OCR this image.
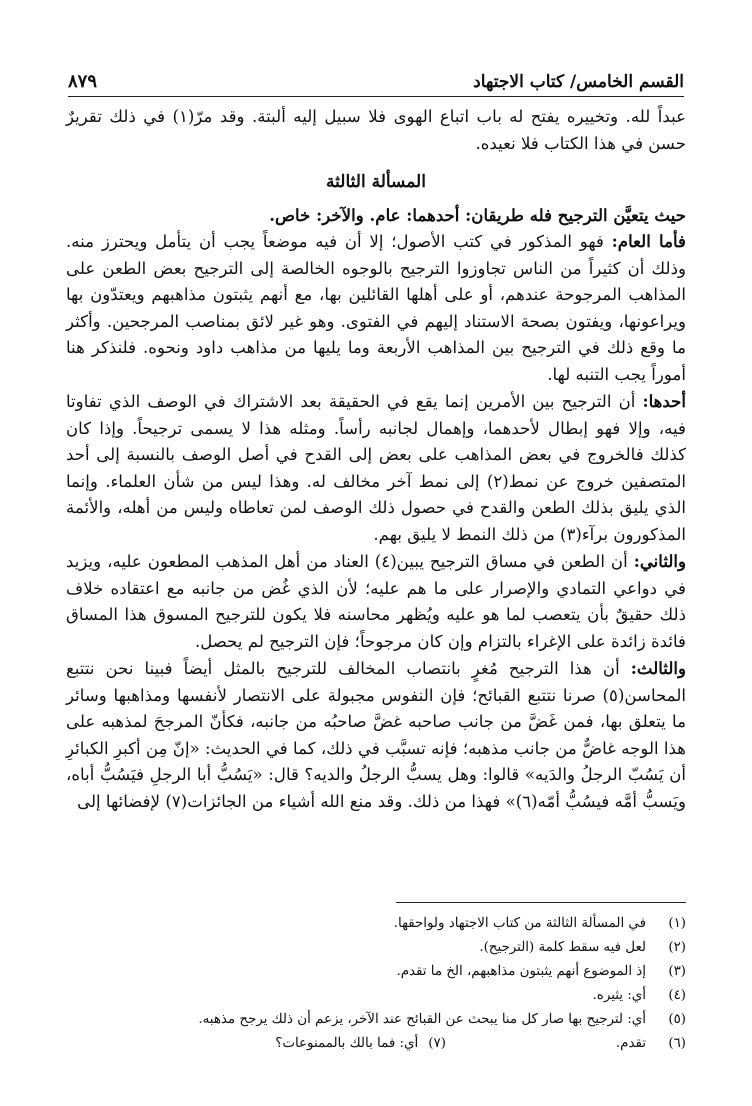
٨٧٩	القسم الخامس/ كتاب الاجتهاد

عبداً لله. وتخييره يفتح له باب اتباع الهوى فلا سبيل إليه ألبتة. وقد مرّ(١) في ذلك تقريرٌ حسن في هذا الكتاب فلا نعيده.

المسألة الثالثة

حيث يتعيَّن الترجيح فله طريقان: أحدهما: عام. والآخر: خاص.

فأما العام: فهو المذكور في كتب الأصول؛ إلا أن فيه موضعاً يجب أن يتأمل ويحترز منه. وذلك أن كثيراً من الناس تجاوزوا الترجيح بالوجوه الخالصة إلى الترجيح بعض الطعن على المذاهب المرجوحة عندهم، أو على أهلها القائلين بها، مع أنهم يثبتون مذاهبهم ويعتدّون بها ويراعونها، ويفتون بصحة الاستناد إليهم في الفتوى. وهو غير لائق بمناصب المرجحين. وأكثر ما وقع ذلك في الترجيح بين المذاهب الأربعة وما يليها من مذاهب داود ونحوه. فلنذكر هنا أموراً يجب التنبه لها.

أحدها: أن الترجيح بين الأمرين إنما يقع في الحقيقة بعد الاشتراك في الوصف الذي تفاوتا فيه، وإلا فهو إبطال لأحدهما، وإهمال لجانبه رأساً. ومثله هذا لا يسمى ترجيحاً. وإذا كان كذلك فالخروج في بعض المذاهب على بعض إلى القدح في أصل الوصف بالنسبة إلى أحد المتصفين خروج عن نمط(٢) إلى نمط آخر مخالف له. وهذا ليس من شأن العلماء. وإنما الذي يليق بذلك الطعن والقدح في حصول ذلك الوصف لمن تعاطاه وليس من أهله، والأئمة المذكورون برآء(٣) من ذلك النمط لا يليق بهم.

والثاني: أن الطعن في مساق الترجيح يبين(٤) العناد من أهل المذهب المطعون عليه، ويزيد في دواعي التمادي والإصرار على ما هم عليه؛ لأن الذي غُض من جانبه مع اعتقاده خلاف ذلك حقيقٌ بأن يتعصب لما هو عليه ويُظهر محاسنه فلا يكون للترجيح المسوق هذا المساق فائدة زائدة على الإغراء بالتزام وإن كان مرجوحاً؛ فإن الترجيح لم يحصل.

والثالث: أن هذا الترجيح مُغرٍ بانتصاب المخالف للترجيح بالمثل أيضاً فبينا نحن نتتبع المحاسن(٥) صرنا نتتبع القبائح؛ فإن النفوس مجبولة على الانتصار لأنفسها ومذاهبها وسائر ما يتعلق بها، فمن غَضَّ من جانب صاحبه غضَّ صاحبُه من جانبه، فكأنّ المرجحَ لمذهبه على هذا الوجه غاضٌّ من جانب مذهبه؛ فإنه تسبَّب في ذلك، كما في الحديث: «إنّ مِن أكبرِ الكبائرِ أن يَسُبّ الرجلُ والدَيه» قالوا: وهل يسبُّ الرجلُ والديه؟ قال: «يَسُبُّ أبا الرجلِ فيَسُبُّ أباه، ويَسبُّ أمَّه فيسُبُّ أمّه(٦)» فهذا من ذلك. وقد منع الله أشياء من الجائزات(٧) لإفضائها إلى

(١)
في المسألة الثالثة من كتاب الاجتهاد ولواحقها.
(٢)
لعل فيه سقط كلمة (الترجيح).
(٣)
إذ الموضوع أنهم يثبتون مذاهبهم، الخ ما تقدم.
(٤)
أي: يثيره.
(٥)
أي: لترجيح بها صار كل منا يبحث عن القبائح عند الآخر، يزعم أن ذلك يرجح مذهبه.
(٦)
تقدم.
(٧)
أي: فما بالك بالممنوعات؟
